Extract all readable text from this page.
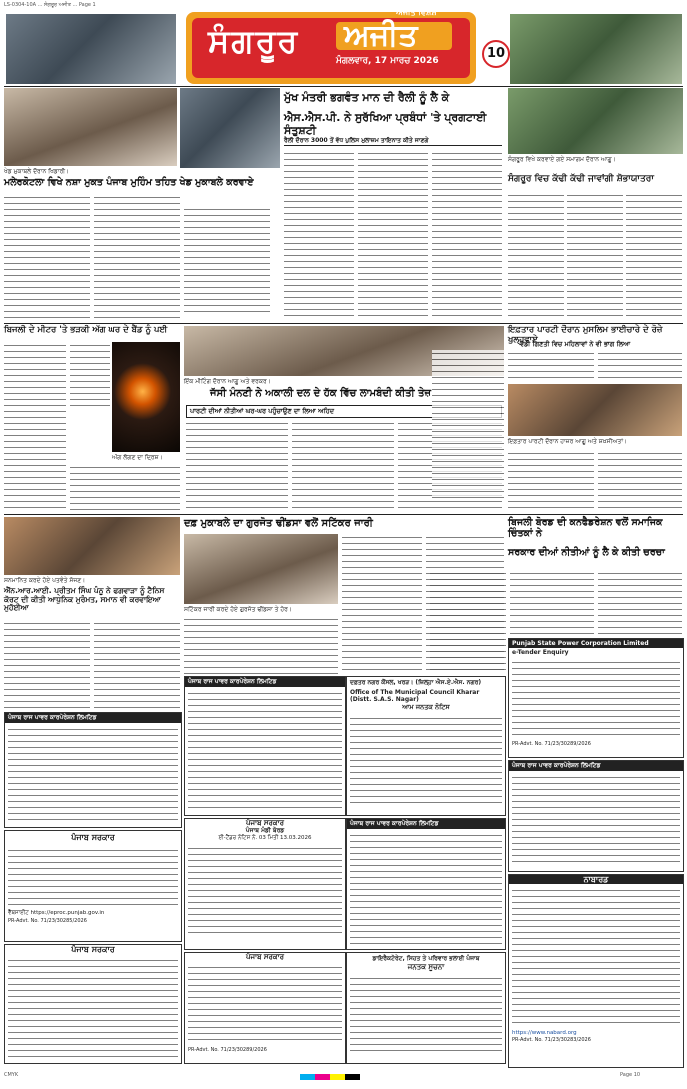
LS-0304-10A ... ਸੰਗਰੂਰ ਅਜੀਤ ... Page 1
ਅਜੀਤ ਵਿਸ਼ੇਸ਼
ਸੰਗਰੂਰ ਅਜੀਤ
ਮੰਗਲਵਾਰ, 17 ਮਾਰਚ 2026	10
ਖੇਡ ਮੁਕਾਬਲੇ ਦੌਰਾਨ ਖਿਡਾਰੀ।
ਮਲੇਰਕੋਟਲਾ ਵਿਖੇ ਨਸ਼ਾ ਮੁਕਤ ਪੰਜਾਬ ਮੁਹਿੰਮ ਤਹਿਤ ਖੇਡ ਮੁਕਾਬਲੇ ਕਰਵਾਏ
ਮੁੱਖ ਮੰਤਰੀ ਭਗਵੰਤ ਮਾਨ ਦੀ ਰੈਲੀ ਨੂੰ ਲੈ ਕੇ
ਐਸ.ਐਸ.ਪੀ. ਨੇ ਸੁਰੱਖਿਆ ਪ੍ਰਬੰਧਾਂ 'ਤੇ ਪ੍ਰਗਟਾਈ ਸੰਤੁਸ਼ਟੀ
ਰੈਲੀ ਦੌਰਾਨ 3000 ਤੋਂ ਵੱਧ ਪੁਲਿਸ ਮੁਲਾਜ਼ਮ ਤਾਇਨਾਤ ਕੀਤੇ ਜਾਣਗੇ
ਸੰਗਰੂਰ ਵਿਖੇ ਕਰਵਾਏ ਗਏ ਸਮਾਗਮ ਦੌਰਾਨ ਆਗੂ।
ਸੰਗਰੂਰ ਵਿਚ ਕੱਢੀ ਕੱਢੀ ਜਾਵਾਂਗੀ ਸ਼ੋਭਾਯਾਤਰਾ
ਬਿਜਲੀ ਦੇ ਮੀਟਰ 'ਤੇ ਭੜਕੀ ਅੱਗ ਘਰ ਦੇ ਬੈਂਡ ਨੂੰ ਪਈ
ਅੱਗ ਲੱਗਣ ਦਾ ਦ੍ਰਿਸ਼।
ਇੱਕ ਮੀਟਿੰਗ ਦੌਰਾਨ ਆਗੂ ਅਤੇ ਵਰਕਰ।
ਜੱਸੀ ਮੰਨਣੀ ਨੇ ਅਕਾਲੀ ਦਲ ਦੇ ਹੱਕ ਵਿੱਚ ਲਾਮਬੰਦੀ ਕੀਤੀ ਤੇਜ਼
ਪਾਰਟੀ ਦੀਆਂ ਨੀਤੀਆਂ ਘਰ-ਘਰ ਪਹੁੰਚਾਉਣ ਦਾ ਲਿਆ ਅਹਿਦ
ਇਫ਼ਤਾਰ ਪਾਰਟੀ ਦੌਰਾਨ ਮੁਸਲਿਮ ਭਾਈਚਾਰੇ ਦੇ ਰੋਜ਼ੇ ਖੁਲ੍ਹਵਾਏ
ਵੱਡੀ ਗਿਣਤੀ ਵਿਚ ਮਹਿਲਾਵਾਂ ਨੇ ਵੀ ਭਾਗ ਲਿਆ
ਇਫ਼ਤਾਰ ਪਾਰਟੀ ਦੌਰਾਨ ਹਾਜ਼ਰ ਆਗੂ ਅਤੇ ਸ਼ਖ਼ਸੀਅਤਾਂ।
ਸਨਮਾਨਿਤ ਕਰਦੇ ਹੋਏ ਪਤਵੰਤੇ ਸੱਜਣ।
ਐੱਨ.ਆਰ.ਆਈ. ਪ੍ਰੀਤਮ ਸਿੰਘ ਪੰਨੂ ਨੇ ਫਗਵਾੜਾ ਨੂੰ ਟੈਨਿਸ ਕੋਰਟ ਦੀ ਕੀਤੀ ਆਧੁਨਿਕ ਮੁਰੰਮਤ, ਸਮਾਨ ਵੀ ਕਰਵਾਇਆ ਮੁਹੱਈਆ
ਦਫ਼ ਮੁਕਾਬਲੇ ਦਾ ਗੁਰਜੋਤ ਢੀਂਡਸਾ ਵਲੋਂ ਸਟਿੱਕਰ ਜਾਰੀ
ਸਟਿੱਕਰ ਜਾਰੀ ਕਰਦੇ ਹੋਏ ਗੁਰਜੋਤ ਢੀਂਡਸਾ ਤੇ ਹੋਰ।
ਬਿਜਲੀ ਬੋਰਡ ਦੀ ਕਨਫੈਡਰੇਸ਼ਨ ਵਲੋਂ ਸਮਾਜਿਕ ਚਿੰਤਕਾਂ ਨੇ
ਸਰਕਾਰ ਦੀਆਂ ਨੀਤੀਆਂ ਨੂੰ ਲੈ ਕੇ ਕੀਤੀ ਚਰਚਾ
Punjab State Power Corporation Limited
e-Tender Enquiry
PR-Advt. No. 71/23/30289/2026
ਪੰਜਾਬ ਰਾਜ ਪਾਵਰ ਕਾਰਪੋਰੇਸ਼ਨ ਲਿਮਟਿਡ	ਦਫ਼ਤਰ ਨਗਰ ਕੌਂਸਲ, ਖਰੜ। (ਜ਼ਿਲ੍ਹਾ ਐਸ.ਏ.ਐਸ. ਨਗਰ)
Office of The Municipal Council Kharar (Distt. S.A.S. Nagar)
ਆਮ ਜਨਤਕ ਨੋਟਿਸ
ਪੰਜਾਬ ਰਾਜ ਪਾਵਰ ਕਾਰਪੋਰੇਸ਼ਨ ਲਿਮਟਿਡ
ਪੰਜਾਬ ਸਰਕਾਰ
ਵੈੱਬਸਾਈਟ https://eproc.punjab.gov.in
PR-Advt. No. 71/23/30285/2026
ਪੰਜਾਬ ਸਰਕਾਰ
ਪੰਜਾਬ ਮੰਡੀ ਬੋਰਡ
ਈ-ਟੈਂਡਰ ਨੋਟਿਸ ਨੰ. 03 ਮਿਤੀ 13.03.2026
ਪੰਜਾਬ ਰਾਜ ਪਾਵਰ ਕਾਰਪੋਰੇਸ਼ਨ ਲਿਮਟਿਡ
ਪੰਜਾਬ ਰਾਜ ਪਾਵਰ ਕਾਰਪੋਰੇਸ਼ਨ ਲਿਮਟਿਡ
ਨਾਬਾਰਡ
https://www.nabard.org
PR-Advt. No. 71/23/30283/2026
ਪੰਜਾਬ ਸਰਕਾਰ
PR-Advt. No. 71/23/30289/2026
ਡਾਇਰੈਕਟੋਰੇਟ, ਸਿਹਤ ਤੇ ਪਰਿਵਾਰ ਭਲਾਈ ਪੰਜਾਬ
ਜਨਤਕ ਸੂਚਨਾ
ਪੰਜਾਬ ਸਰਕਾਰ
CMYK	Page 10
